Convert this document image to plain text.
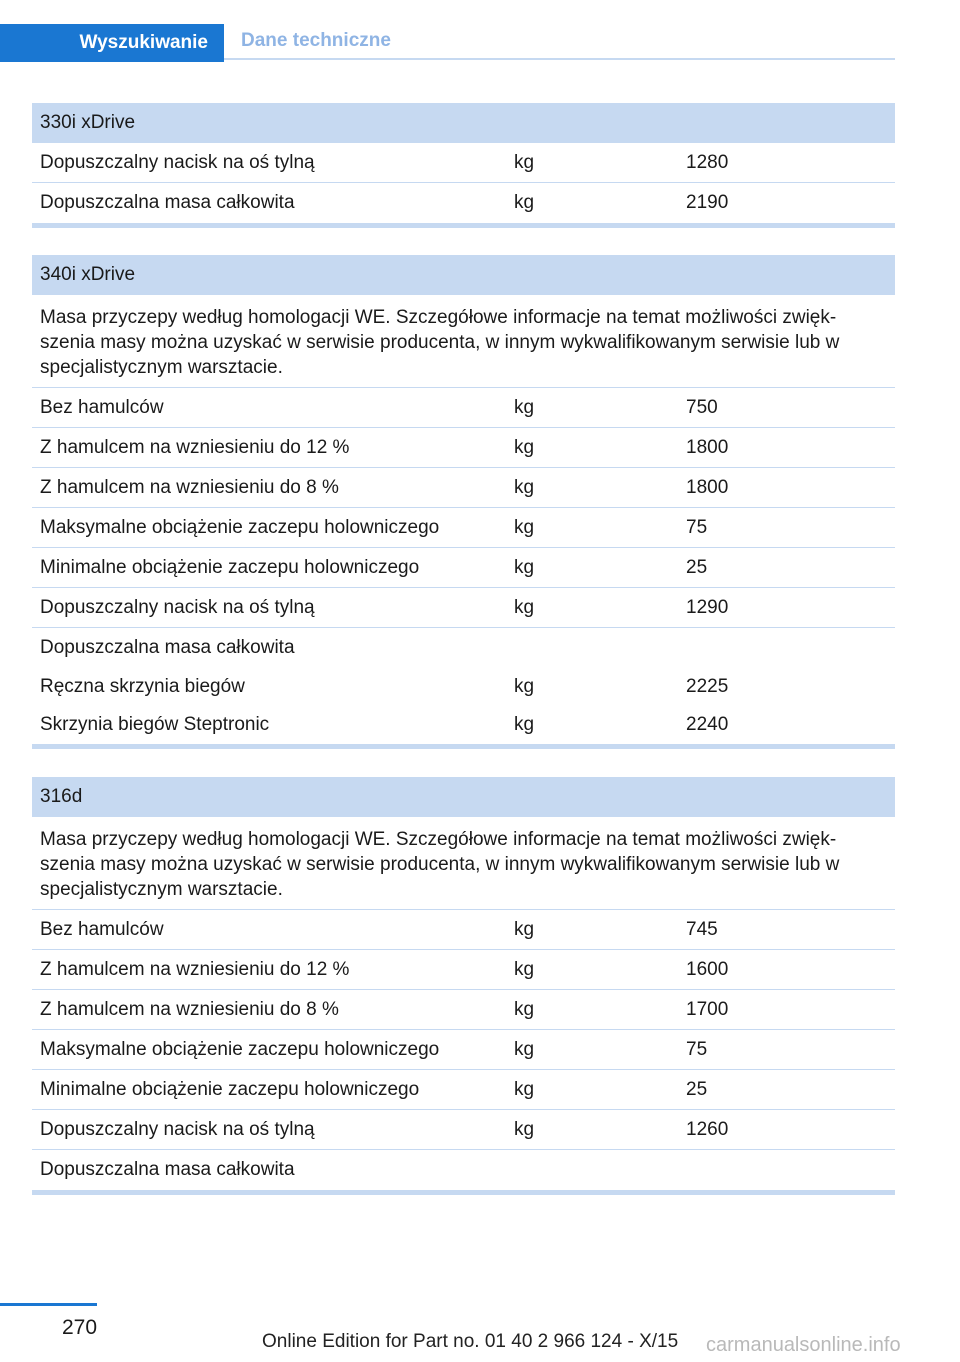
Wyszukiwanie	Dane techniczne
330i xDrive
Dopuszczalny nacisk na oś tylną	kg	1280
Dopuszczalna masa całkowita	kg	2190
340i xDrive
Masa przyczepy według homologacji WE. Szczegółowe informacje na temat możliwości zwięk-szenia masy można uzyskać w serwisie producenta, w innym wykwalifikowanym serwisie lub w specjalistycznym warsztacie.
Bez hamulców	kg	750
Z hamulcem na wzniesieniu do 12 %	kg	1800
Z hamulcem na wzniesieniu do 8 %	kg	1800
Maksymalne obciążenie zaczepu holowniczego	kg	75
Minimalne obciążenie zaczepu holowniczego	kg	25
Dopuszczalny nacisk na oś tylną	kg	1290
Dopuszczalna masa całkowita
Ręczna skrzynia biegów	kg	2225
Skrzynia biegów Steptronic	kg	2240
316d
Masa przyczepy według homologacji WE. Szczegółowe informacje na temat możliwości zwięk-szenia masy można uzyskać w serwisie producenta, w innym wykwalifikowanym serwisie lub w specjalistycznym warsztacie.
Bez hamulców	kg	745
Z hamulcem na wzniesieniu do 12 %	kg	1600
Z hamulcem na wzniesieniu do 8 %	kg	1700
Maksymalne obciążenie zaczepu holowniczego	kg	75
Minimalne obciążenie zaczepu holowniczego	kg	25
Dopuszczalny nacisk na oś tylną	kg	1260
Dopuszczalna masa całkowita
270
Online Edition for Part no. 01 40 2 966 124 - X/15 carmanualsonline.info
